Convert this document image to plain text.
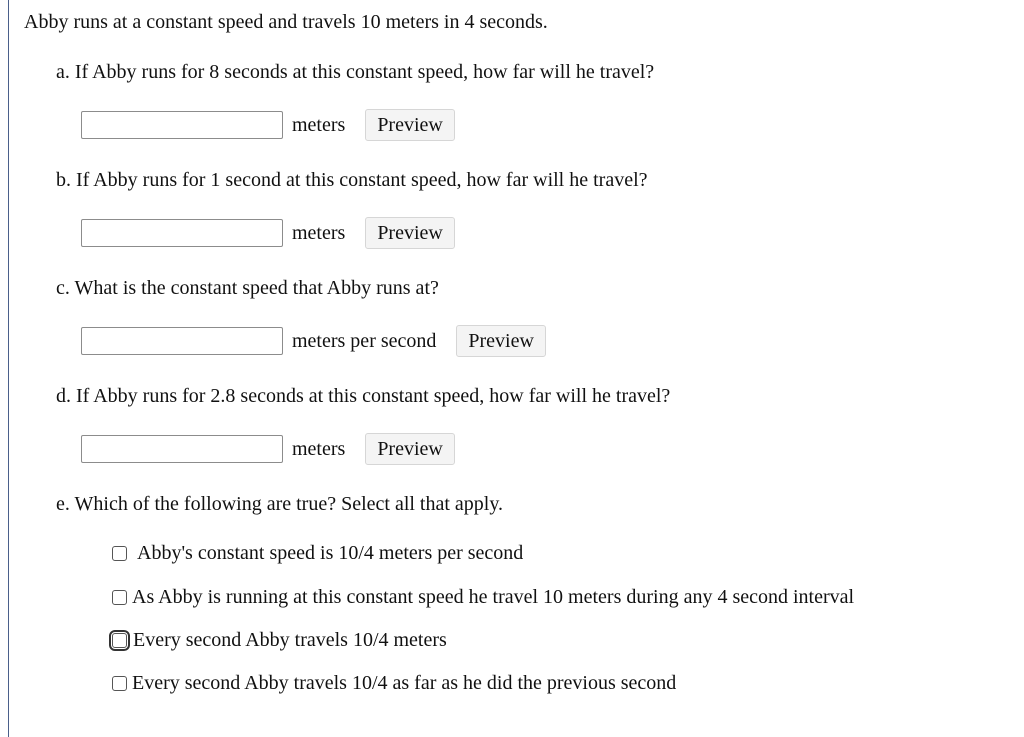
Abby runs at a constant speed and travels 10 meters in 4 seconds.
a. If Abby runs for 8 seconds at this constant speed, how far will he travel?
meters	Preview
b. If Abby runs for 1 second at this constant speed, how far will he travel?
meters	Preview
c. What is the constant speed that Abby runs at?
meters per second	Preview
d. If Abby runs for 2.8 seconds at this constant speed, how far will he travel?
meters	Preview
e. Which of the following are true? Select all that apply.
Abby's constant speed is 10/4 meters per second
As Abby is running at this constant speed he travel 10 meters during any 4 second interval
Every second Abby travels 10/4 meters
Every second Abby travels 10/4 as far as he did the previous second
